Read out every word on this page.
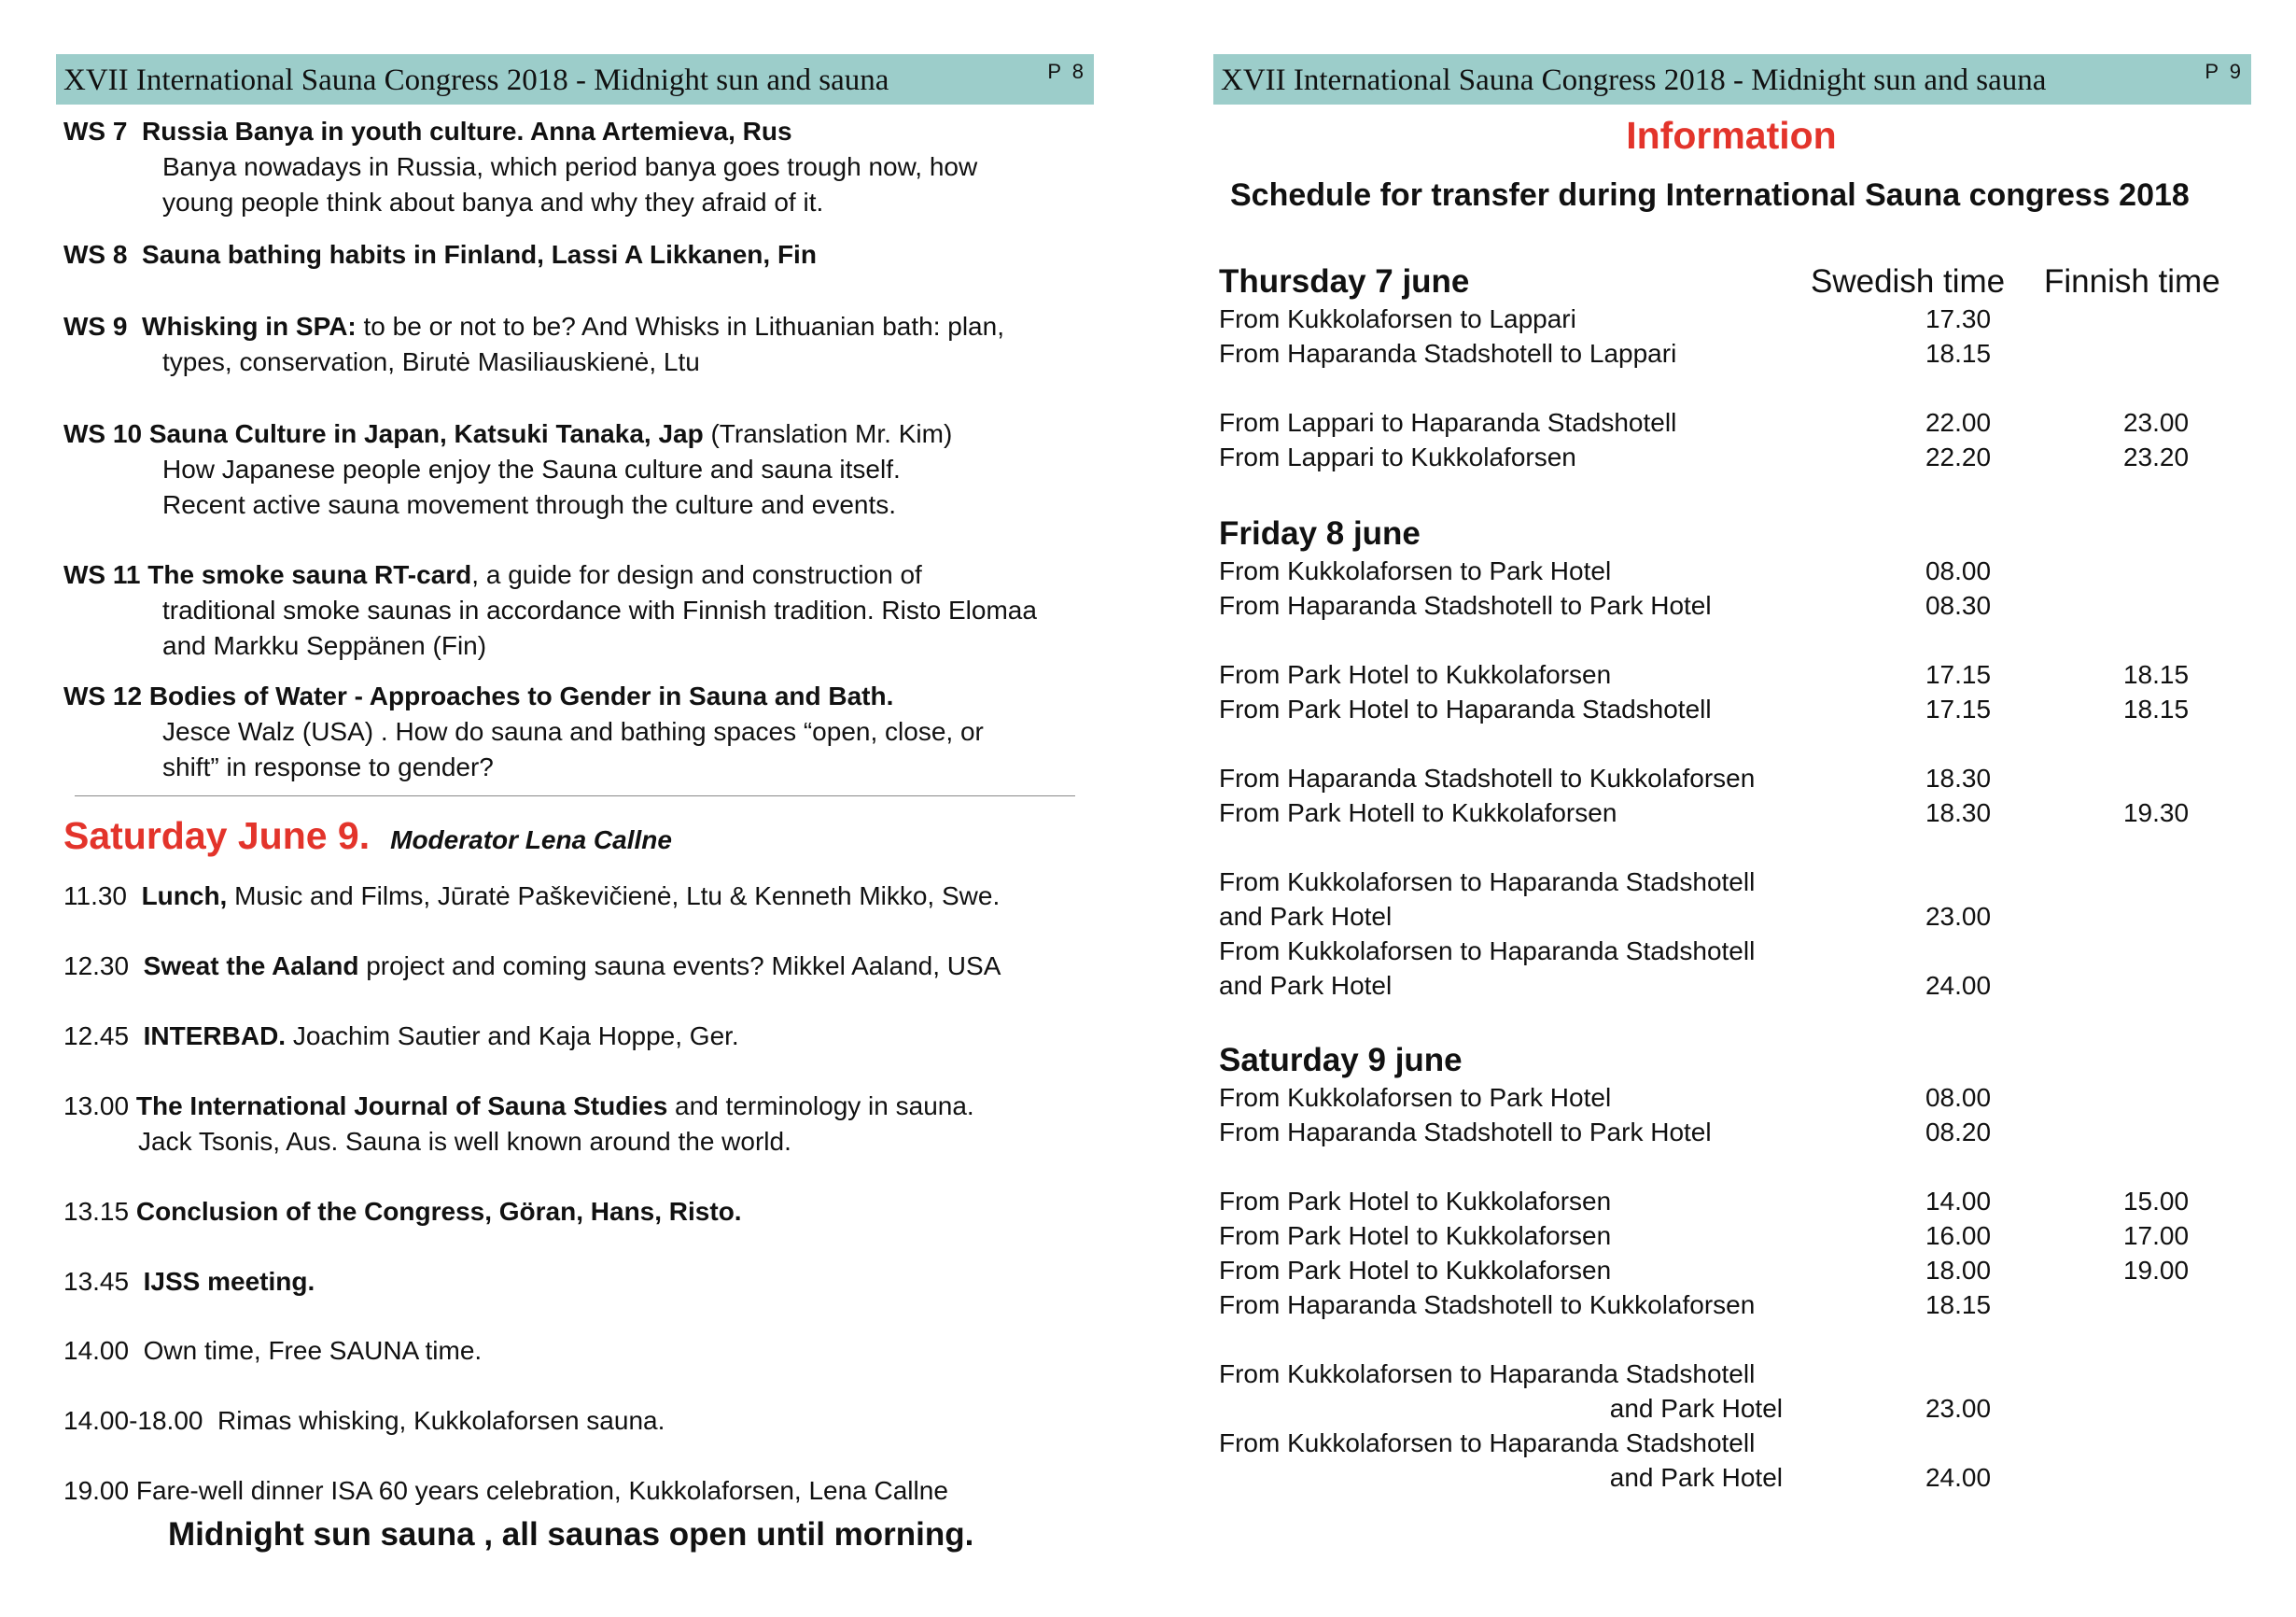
XVII International Sauna Congress 2018 - Midnight sun and sauna	P 8
WS 7 Russia Banya in youth culture. Anna Artemieva, Rus
Banya nowadays in Russia, which period banya goes trough now, how
young people think about banya and why they afraid of it.
WS 8 Sauna bathing habits in Finland, Lassi A Likkanen, Fin
WS 9 Whisking in SPA: to be or not to be? And Whisks in Lithuanian bath: plan,
types, conservation, Birutė Masiliauskienė, Ltu
WS 10 Sauna Culture in Japan, Katsuki Tanaka, Jap (Translation Mr. Kim)
How Japanese people enjoy the Sauna culture and sauna itself.
Recent active sauna movement through the culture and events.
WS 11 The smoke sauna RT-card, a guide for design and construction of
traditional smoke saunas in accordance with Finnish tradition. Risto Elomaa
and Markku Seppänen (Fin)
WS 12 Bodies of Water - Approaches to Gender in Sauna and Bath.
Jesce Walz (USA) . How do sauna and bathing spaces “open, close, or
shift” in response to gender?
Saturday June 9. Moderator Lena Callne
11.30 Lunch, Music and Films, Jūratė Paškevičienė, Ltu & Kenneth Mikko, Swe.
12.30 Sweat the Aaland project and coming sauna events? Mikkel Aaland, USA
12.45 INTERBAD. Joachim Sautier and Kaja Hoppe, Ger.
13.00 The International Journal of Sauna Studies and terminology in sauna.
Jack Tsonis, Aus. Sauna is well known around the world.
13.15 Conclusion of the Congress, Göran, Hans, Risto.
13.45 IJSS meeting.
14.00 Own time, Free SAUNA time.
14.00-18.00 Rimas whisking, Kukkolaforsen sauna.
19.00 Fare-well dinner ISA 60 years celebration, Kukkolaforsen, Lena Callne
Midnight sun sauna , all saunas open until morning.
XVII International Sauna Congress 2018 - Midnight sun and sauna	P 9
Information
Schedule for transfer during International Sauna congress 2018
Swedish time Finnish time
Thursday 7 june
Friday 8 june
Saturday 9 june
From Kukkolaforsen to Lappari	17.30
From Haparanda Stadshotell to Lappari	18.15
From Lappari to Haparanda Stadshotell	22.00	23.00
From Lappari to Kukkolaforsen	22.20	23.20
From Kukkolaforsen to Park Hotel	08.00
From Haparanda Stadshotell to Park Hotel	08.30
From Park Hotel to Kukkolaforsen	17.15	18.15
From Park Hotel to Haparanda Stadshotell	17.15	18.15
From Haparanda Stadshotell to Kukkolaforsen	18.30
From Park Hotell to Kukkolaforsen	18.30	19.30
From Kukkolaforsen to Haparanda Stadshotell
and Park Hotel	23.00
From Kukkolaforsen to Haparanda Stadshotell
and Park Hotel	24.00
From Kukkolaforsen to Park Hotel	08.00
From Haparanda Stadshotell to Park Hotel	08.20
From Park Hotel to Kukkolaforsen	14.00	15.00
From Park Hotel to Kukkolaforsen	16.00	17.00
From Park Hotel to Kukkolaforsen	18.00	19.00
From Haparanda Stadshotell to Kukkolaforsen	18.15
From Kukkolaforsen to Haparanda Stadshotell
and Park Hotel	23.00
From Kukkolaforsen to Haparanda Stadshotell
and Park Hotel	24.00
